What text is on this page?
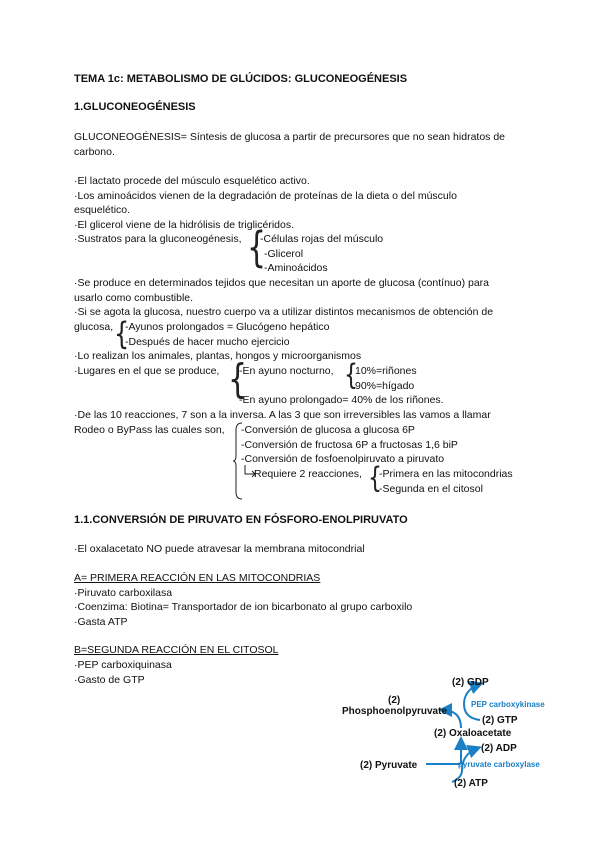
TEMA 1c: METABOLISMO DE GLÚCIDOS: GLUCONEOGÉNESIS
1.GLUCONEOGÉNESIS
GLUCONEOGÉNESIS= Síntesis de glucosa a partir de precursores que no sean hidratos de
carbono.
·El lactato procede del músculo esquelético activo.
·Los aminoácidos vienen de la degradación de proteínas de la dieta o del músculo
esquelético.
·El glicerol viene de la hidrólisis de triglicéridos.
·Sustratos para la gluconeogénesis, {
-Células rojas del músculo
-Glicerol
-Aminoácidos
·Se produce en determinados tejidos que necesitan un aporte de glucosa (contínuo) para
usarlo como combustible.
·Si se agota la glucosa, nuestro cuerpo va a utilizar distintos mecanismos de obtención de
glucosa, {
-Ayunos prolongados = Glucógeno hepático
-Después de hacer mucho ejercicio
·Lo realizan los animales, plantas, hongos y microorganismos
·Lugares en el que se produce, {
-En ayuno nocturno, {
10%=riñones
90%=hígado
-En ayuno prolongado= 40% de los riñones.
·De las 10 reacciones, 7 son a la inversa. A las 3 que son irreversibles las vamos a llamar
Rodeo o ByPass las cuales son, -Conversión de glucosa a glucosa 6P
-Conversión de fructosa 6P a fructosas 1,6 biP
-Conversión de fosfoenolpiruvato a piruvato
Requiere 2 reacciones, {
-Primera en las mitocondrias
-Segunda en el citosol
1.1.CONVERSIÓN DE PIRUVATO EN FÓSFORO-ENOLPIRUVATO
·El oxalacetato NO puede atravesar la membrana mitocondrial
A= PRIMERA REACCIÓN EN LAS MITOCONDRIAS
·Piruvato carboxilasa
·Coenzima: Biotina= Transportador de ion bicarbonato al grupo carboxilo
·Gasta ATP
B=SEGUNDA REACCIÓN EN EL CITOSOL
·PEP carboxiquinasa
·Gasto de GTP	(2) GDP
(2)
Phosphoenolpyruvate
PEP carboxykinase
(2) GTP
(2) Oxaloacetate
(2) ADP
(2) Pyruvate	pyruvate carboxylase
(2) ATP
